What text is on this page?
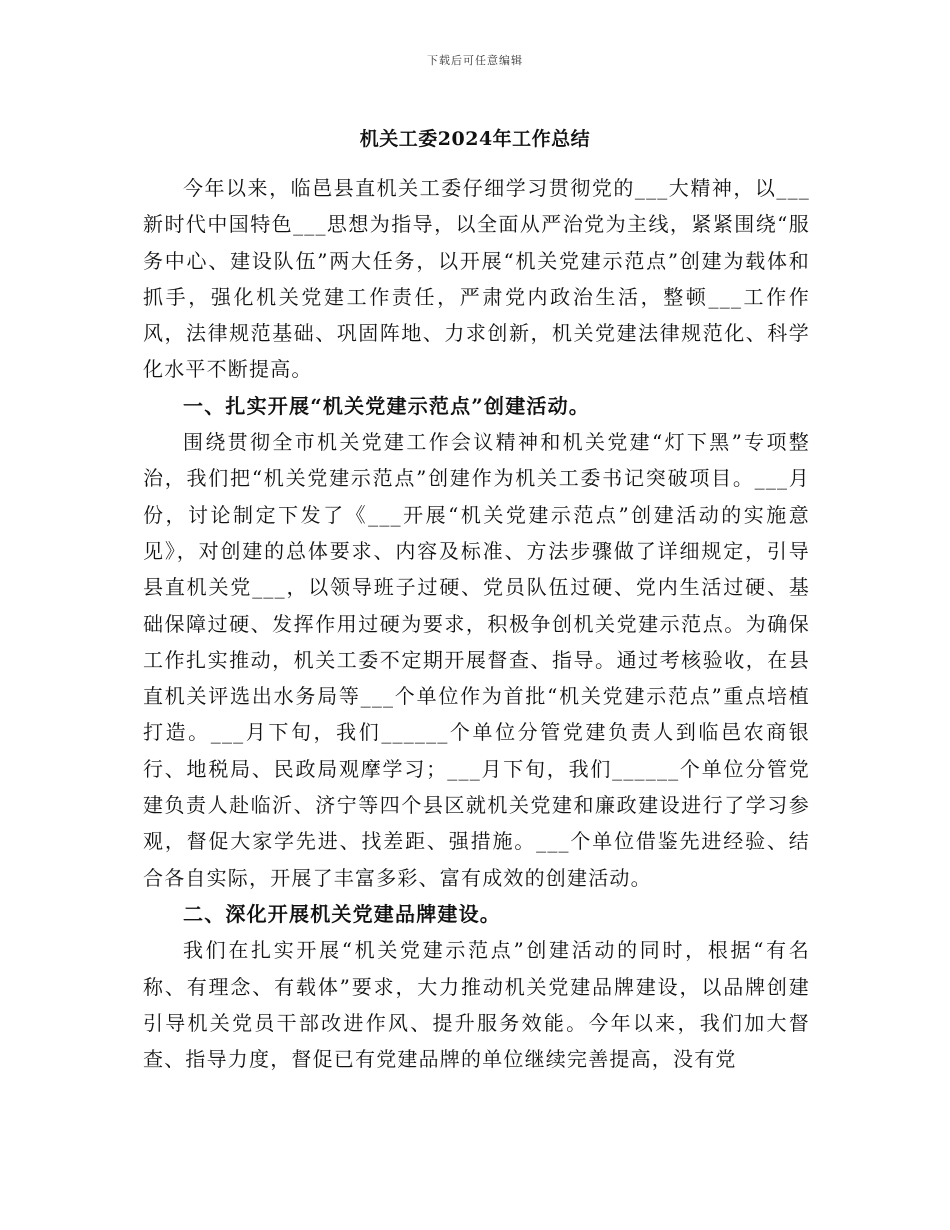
下载后可任意编辑
机关工委2024年工作总结

今年以来，临邑县直机关工委仔细学习贯彻党的___大精神，以___新时代中国特色___思想为指导，以全面从严治党为主线，紧紧围绕“服务中心、建设队伍”两大任务，以开展“机关党建示范点”创建为载体和抓手，强化机关党建工作责任，严肃党内政治生活，整顿___工作作风，法律规范基础、巩固阵地、力求创新，机关党建法律规范化、科学化水平不断提高。

一、扎实开展“机关党建示范点”创建活动。

围绕贯彻全市机关党建工作会议精神和机关党建“灯下黑”专项整治，我们把“机关党建示范点”创建作为机关工委书记突破项目。___月份，讨论制定下发了《___开展“机关党建示范点”创建活动的实施意见》，对创建的总体要求、内容及标准、方法步骤做了详细规定，引导县直机关党___，以领导班子过硬、党员队伍过硬、党内生活过硬、基础保障过硬、发挥作用过硬为要求，积极争创机关党建示范点。为确保工作扎实推动，机关工委不定期开展督查、指导。通过考核验收，在县直机关评选出水务局等___个单位作为首批“机关党建示范点”重点培植打造。___月下旬，我们______个单位分管党建负责人到临邑农商银行、地税局、民政局观摩学习；___月下旬，我们______个单位分管党建负责人赴临沂、济宁等四个县区就机关党建和廉政建设进行了学习参观，督促大家学先进、找差距、强措施。___个单位借鉴先进经验、结合各自实际，开展了丰富多彩、富有成效的创建活动。

二、深化开展机关党建品牌建设。

我们在扎实开展“机关党建示范点”创建活动的同时，根据“有名称、有理念、有载体”要求，大力推动机关党建品牌建设，以品牌创建引导机关党员干部改进作风、提升服务效能。今年以来，我们加大督查、指导力度，督促已有党建品牌的单位继续完善提高，没有党
